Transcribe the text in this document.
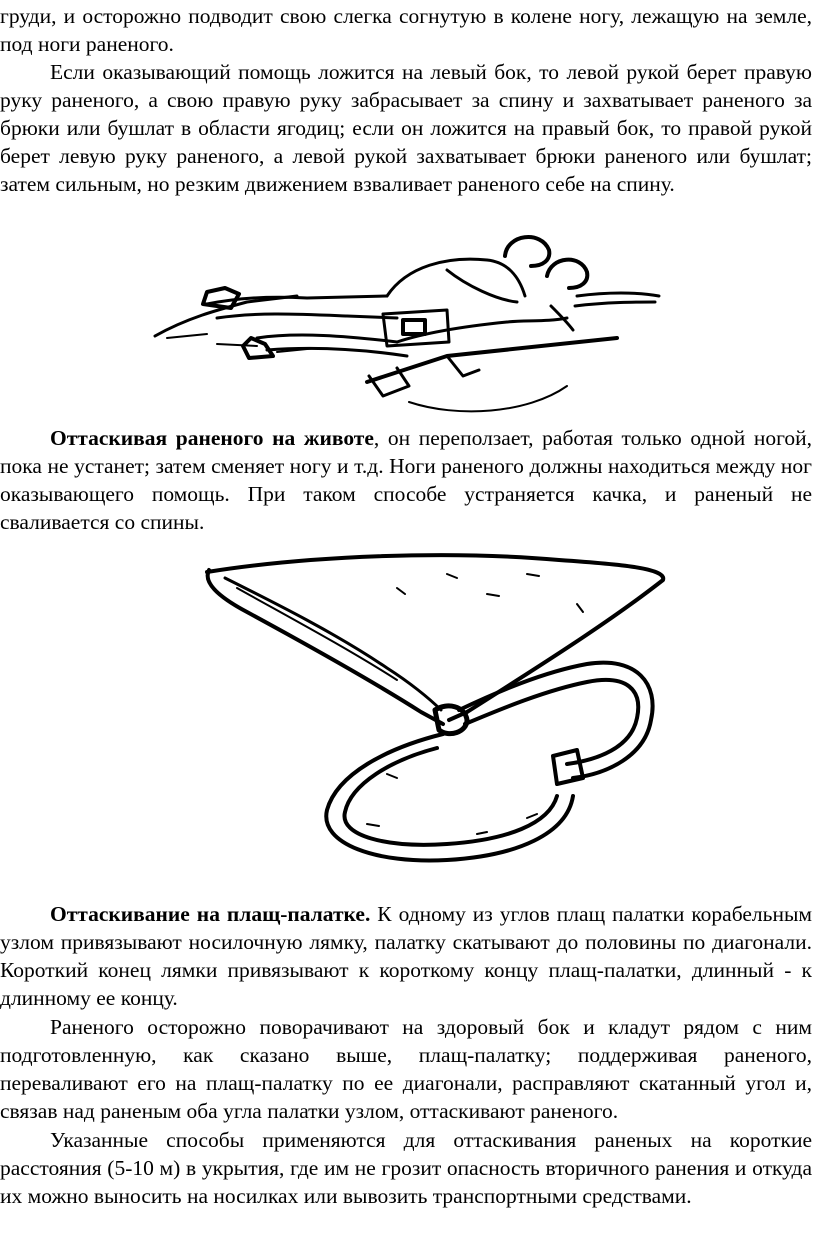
груди, и осторожно подводит свою слегка согнутую в колене ногу, лежащую на земле, под ноги раненого.

Если оказывающий помощь ложится на левый бок, то левой рукой берет правую руку раненого, а свою правую руку забрасывает за спину и захватывает раненого за брюки или бушлат в области ягодиц; если он ложится на правый бок, то правой рукой берет левую руку раненого, а левой рукой захватывает брюки раненого или бушлат; затем сильным, но резким движением взваливает раненого себе на спину.

Оттаскивая раненого на животе, он переползает, работая только одной ногой, пока не устанет; затем сменяет ногу и т.д. Ноги раненого должны находиться между ног оказывающего помощь. При таком способе устраняется качка, и раненый не сваливается со спины.

Оттаскивание на плащ-палатке. К одному из углов плащ палатки корабельным узлом привязывают носилочную лямку, палатку скатывают до половины по диагонали. Короткий конец лямки привязывают к короткому концу плащ-палатки, длинный - к длинному ее концу.

Раненого осторожно поворачивают на здоровый бок и кладут рядом с ним подготовленную, как сказано выше, плащ-палатку; поддерживая раненого, переваливают его на плащ-палатку по ее диагонали, расправляют скатанный угол и, связав над раненым оба угла палатки узлом, оттаскивают раненого.

Указанные способы применяются для оттаскивания раненых на короткие расстояния (5-10 м) в укрытия, где им не грозит опасность вторичного ранения и откуда их можно выносить на носилках или вывозить транспортными средствами.
